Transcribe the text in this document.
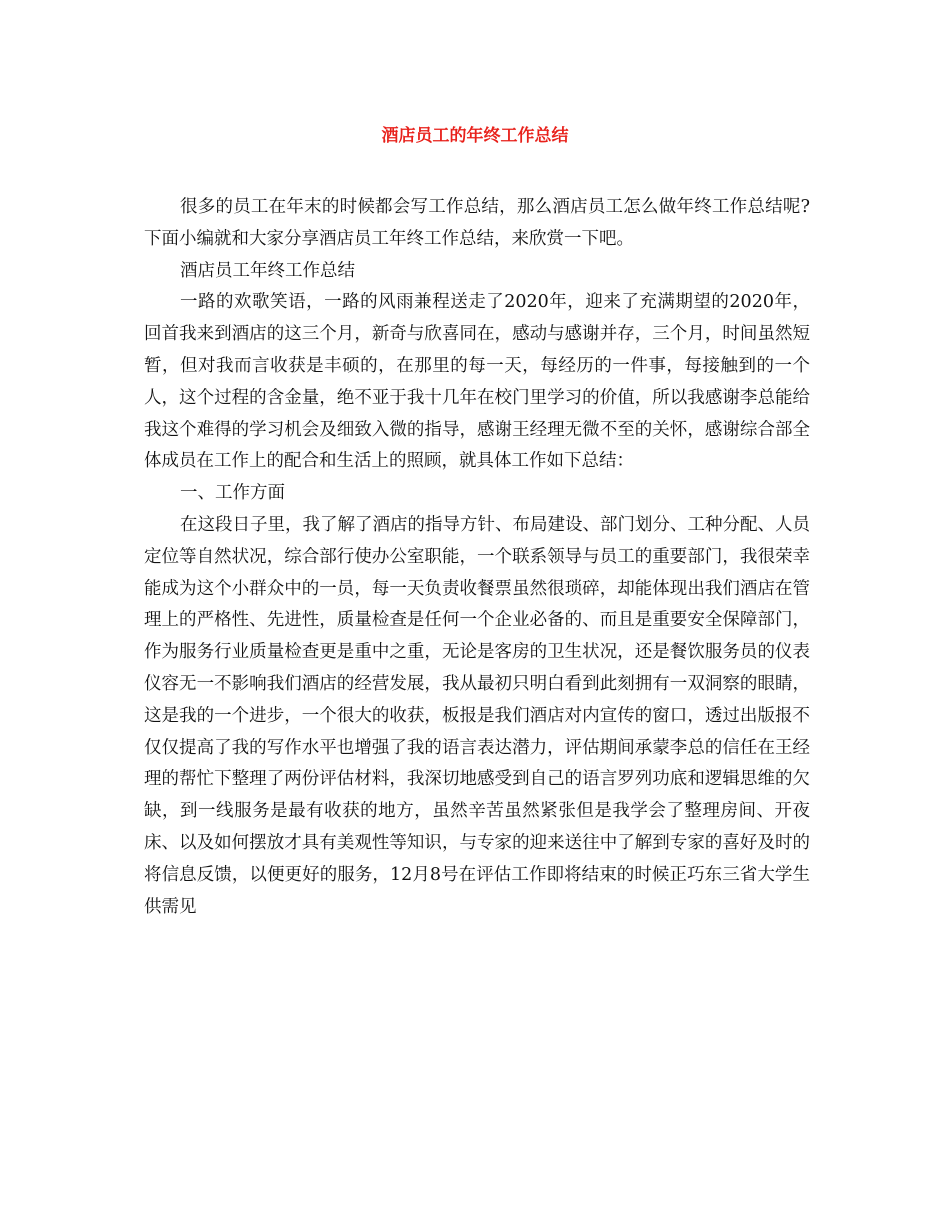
酒店员工的年终工作总结

很多的员工在年末的时候都会写工作总结，那么酒店员工怎么做年终工作总结呢?下面小编就和大家分享酒店员工年终工作总结，来欣赏一下吧。

酒店员工年终工作总结

一路的欢歌笑语，一路的风雨兼程送走了2020年，迎来了充满期望的2020年，回首我来到酒店的这三个月，新奇与欣喜同在，感动与感谢并存，三个月，时间虽然短暂，但对我而言收获是丰硕的，在那里的每一天，每经历的一件事，每接触到的一个人，这个过程的含金量，绝不亚于我十几年在校门里学习的价值，所以我感谢李总能给我这个难得的学习机会及细致入微的指导，感谢王经理无微不至的关怀，感谢综合部全体成员在工作上的配合和生活上的照顾，就具体工作如下总结：

一、工作方面

在这段日子里，我了解了酒店的指导方针、布局建设、部门划分、工种分配、人员定位等自然状况，综合部行使办公室职能，一个联系领导与员工的重要部门，我很荣幸能成为这个小群众中的一员，每一天负责收餐票虽然很琐碎，却能体现出我们酒店在管理上的严格性、先进性，质量检查是任何一个企业必备的、而且是重要安全保障部门，作为服务行业质量检查更是重中之重，无论是客房的卫生状况，还是餐饮服务员的仪表仪容无一不影响我们酒店的经营发展，我从最初只明白看到此刻拥有一双洞察的眼睛，这是我的一个进步，一个很大的收获，板报是我们酒店对内宣传的窗口，透过出版报不仅仅提高了我的写作水平也增强了我的语言表达潜力，评估期间承蒙李总的信任在王经理的帮忙下整理了两份评估材料，我深切地感受到自己的语言罗列功底和逻辑思维的欠缺，到一线服务是最有收获的地方，虽然辛苦虽然紧张但是我学会了整理房间、开夜床、以及如何摆放才具有美观性等知识，与专家的迎来送往中了解到专家的喜好及时的将信息反馈，以便更好的服务，12月8号在评估工作即将结束的时候正巧东三省大学生供需见
